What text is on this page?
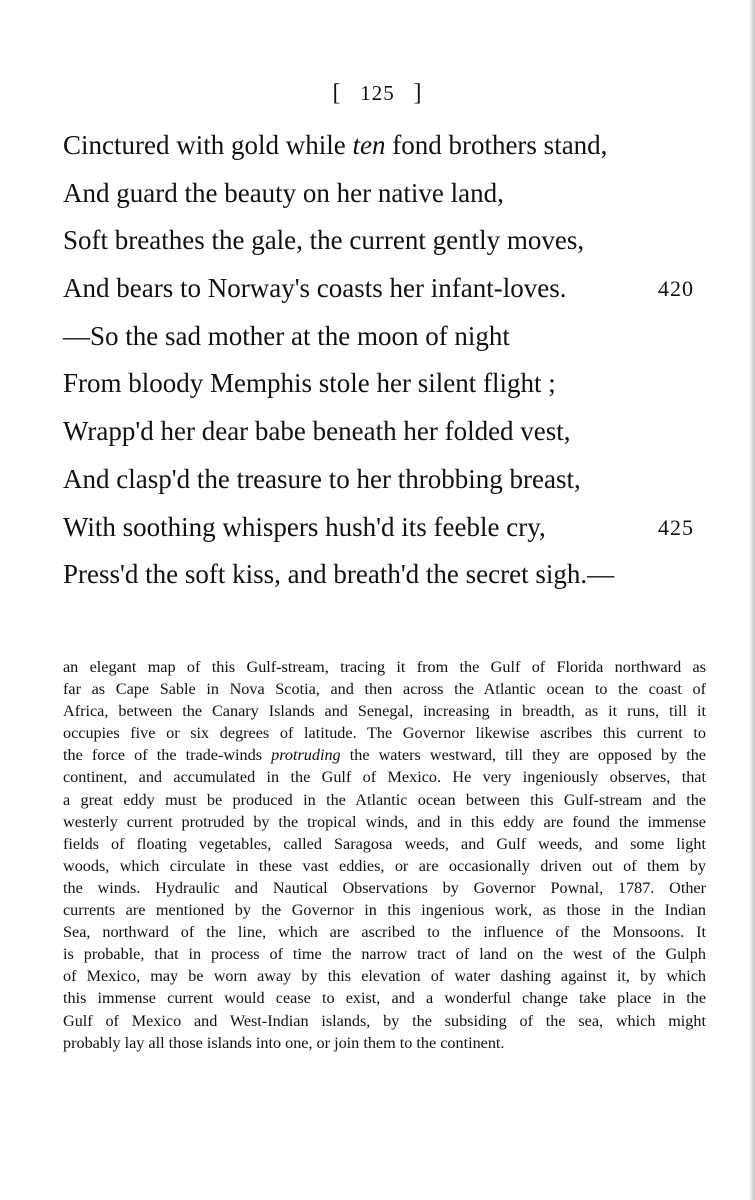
[ 125 ]
Cinctured with gold while ten fond brothers stand,
And guard the beauty on her native land,
Soft breathes the gale, the current gently moves,
And bears to Norway's coasts her infant-loves.	420
—So the sad mother at the moon of night
From bloody Memphis stole her silent flight ;
Wrapp'd her dear babe beneath her folded vest,
And clasp'd the treasure to her throbbing breast,
With soothing whispers hush'd its feeble cry,	425
Press'd the soft kiss, and breath'd the secret sigh.—
an elegant map of this Gulf-stream, tracing it from the Gulf of Florida northward as
far as Cape Sable in Nova Scotia, and then across the Atlantic ocean to the coast of
Africa, between the Canary Islands and Senegal, increasing in breadth, as it runs, till it
occupies five or six degrees of latitude. The Governor likewise ascribes this current to
the force of the trade-winds protruding the waters westward, till they are opposed by the
continent, and accumulated in the Gulf of Mexico. He very ingeniously observes, that
a great eddy must be produced in the Atlantic ocean between this Gulf-stream and the
westerly current protruded by the tropical winds, and in this eddy are found the immense
fields of floating vegetables, called Saragosa weeds, and Gulf weeds, and some light
woods, which circulate in these vast eddies, or are occasionally driven out of them by
the winds. Hydraulic and Nautical Observations by Governor Pownal, 1787. Other
currents are mentioned by the Governor in this ingenious work, as those in the Indian
Sea, northward of the line, which are ascribed to the influence of the Monsoons. It
is probable, that in process of time the narrow tract of land on the west of the Gulph
of Mexico, may be worn away by this elevation of water dashing against it, by which
this immense current would cease to exist, and a wonderful change take place in the
Gulf of Mexico and West-Indian islands, by the subsiding of the sea, which might
probably lay all those islands into one, or join them to the continent.
